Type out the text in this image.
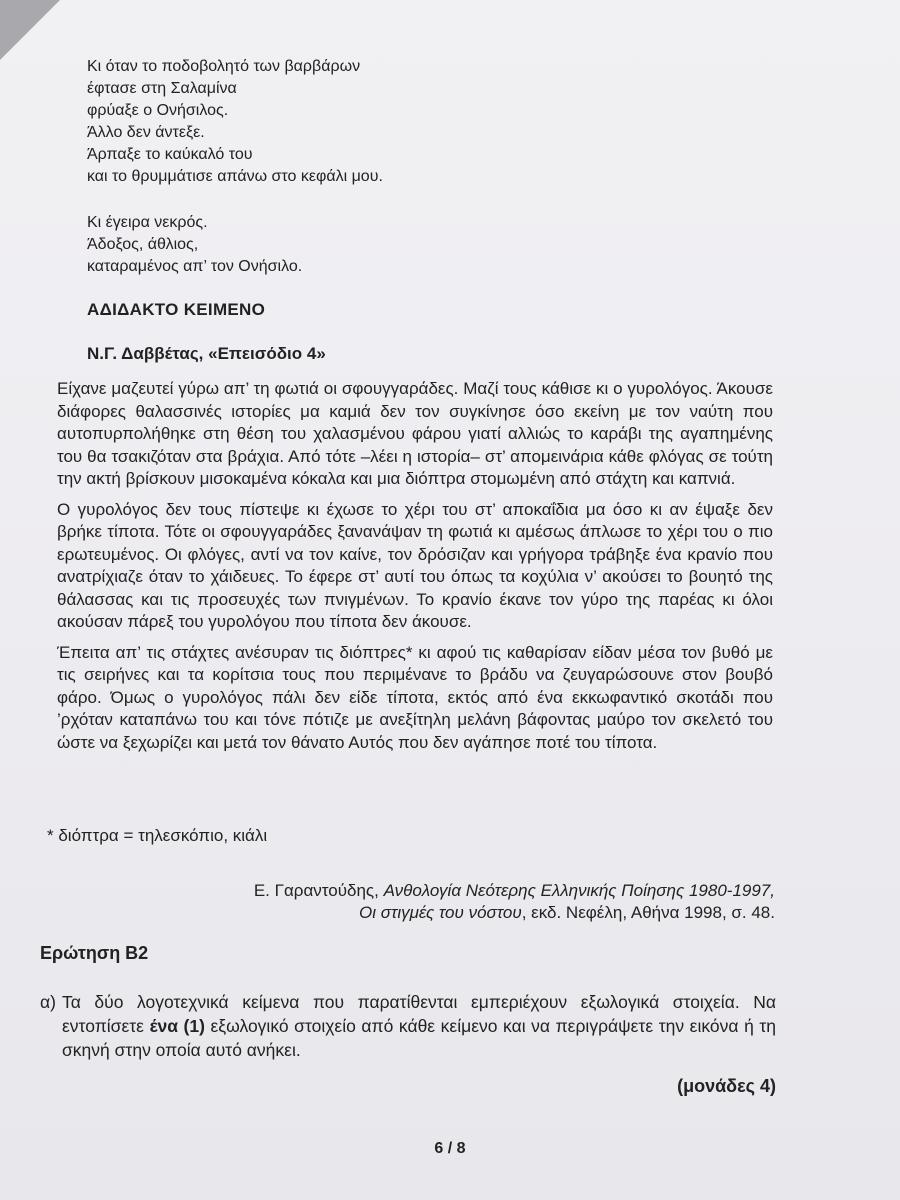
Κι όταν το ποδοβολητό των βαρβάρων
έφτασε στη Σαλαμίνα
φρύαξε ο Ονήσιλος.
Άλλο δεν άντεξε.
Άρπαξε το καύκαλό του
και το θρυμμάτισε απάνω στο κεφάλι μου.
Κι έγειρα νεκρός.
Άδοξος, άθλιος,
καταραμένος απ’ τον Ονήσιλο.
ΑΔΙΔΑΚΤΟ ΚΕΙΜΕΝΟ
Ν.Γ. Δαββέτας, «Επεισόδιο 4»

Είχανε μαζευτεί γύρω απ’ τη φωτιά οι σφουγγαράδες. Μαζί τους κάθισε κι ο γυρολόγος. Άκουσε διάφορες θαλασσινές ιστορίες μα καμιά δεν τον συγκίνησε όσο εκείνη με τον ναύτη που αυτοπυρπολήθηκε στη θέση του χαλασμένου φάρου γιατί αλλιώς το καράβι της αγαπημένης του θα τσακιζόταν στα βράχια. Από τότε –λέει η ιστορία– στ’ απομεινάρια κάθε φλόγας σε τούτη την ακτή βρίσκουν μισοκαμένα κόκαλα και μια διόπτρα στομωμένη από στάχτη και καπνιά.

Ο γυρολόγος δεν τους πίστεψε κι έχωσε το χέρι του στ’ αποκαΐδια μα όσο κι αν έψαξε δεν βρήκε τίποτα. Τότε οι σφουγγαράδες ξανανάψαν τη φωτιά κι αμέσως άπλωσε το χέρι του ο πιο ερωτευμένος. Οι φλόγες, αντί να τον καίνε, τον δρόσιζαν και γρήγορα τράβηξε ένα κρανίο που ανατρίχιαζε όταν το χάιδευες. Το έφερε στ’ αυτί του όπως τα κοχύλια ν’ ακούσει το βουητό της θάλασσας και τις προσευχές των πνιγμένων. Το κρανίο έκανε τον γύρο της παρέας κι όλοι ακούσαν πάρεξ του γυρολόγου που τίποτα δεν άκουσε.

Έπειτα απ’ τις στάχτες ανέσυραν τις διόπτρες* κι αφού τις καθαρίσαν είδαν μέσα τον βυθό με τις σειρήνες και τα κορίτσια τους που περιμένανε το βράδυ να ζευγαρώσουνε στον βουβό φάρο. Όμως ο γυρολόγος πάλι δεν είδε τίποτα, εκτός από ένα εκκωφαντικό σκοτάδι που ’ρχόταν καταπάνω του και τόνε πότιζε με ανεξίτηλη μελάνη βάφοντας μαύρο τον σκελετό του ώστε να ξεχωρίζει και μετά τον θάνατο Αυτός που δεν αγάπησε ποτέ του τίποτα.

* διόπτρα = τηλεσκόπιο, κιάλι
Ε. Γαραντούδης, Ανθολογία Νεότερης Ελληνικής Ποίησης 1980-1997,
Οι στιγμές του νόστου, εκδ. Νεφέλη, Αθήνα 1998, σ. 48.
Ερώτηση Β2
α) Τα δύο λογοτεχνικά κείμενα που παρατίθενται εμπεριέχουν εξωλογικά στοιχεία. Να εντοπίσετε ένα (1) εξωλογικό στοιχείο από κάθε κείμενο και να περιγράψετε την εικόνα ή τη σκηνή στην οποία αυτό ανήκει.
(μονάδες 4)
6 / 8
